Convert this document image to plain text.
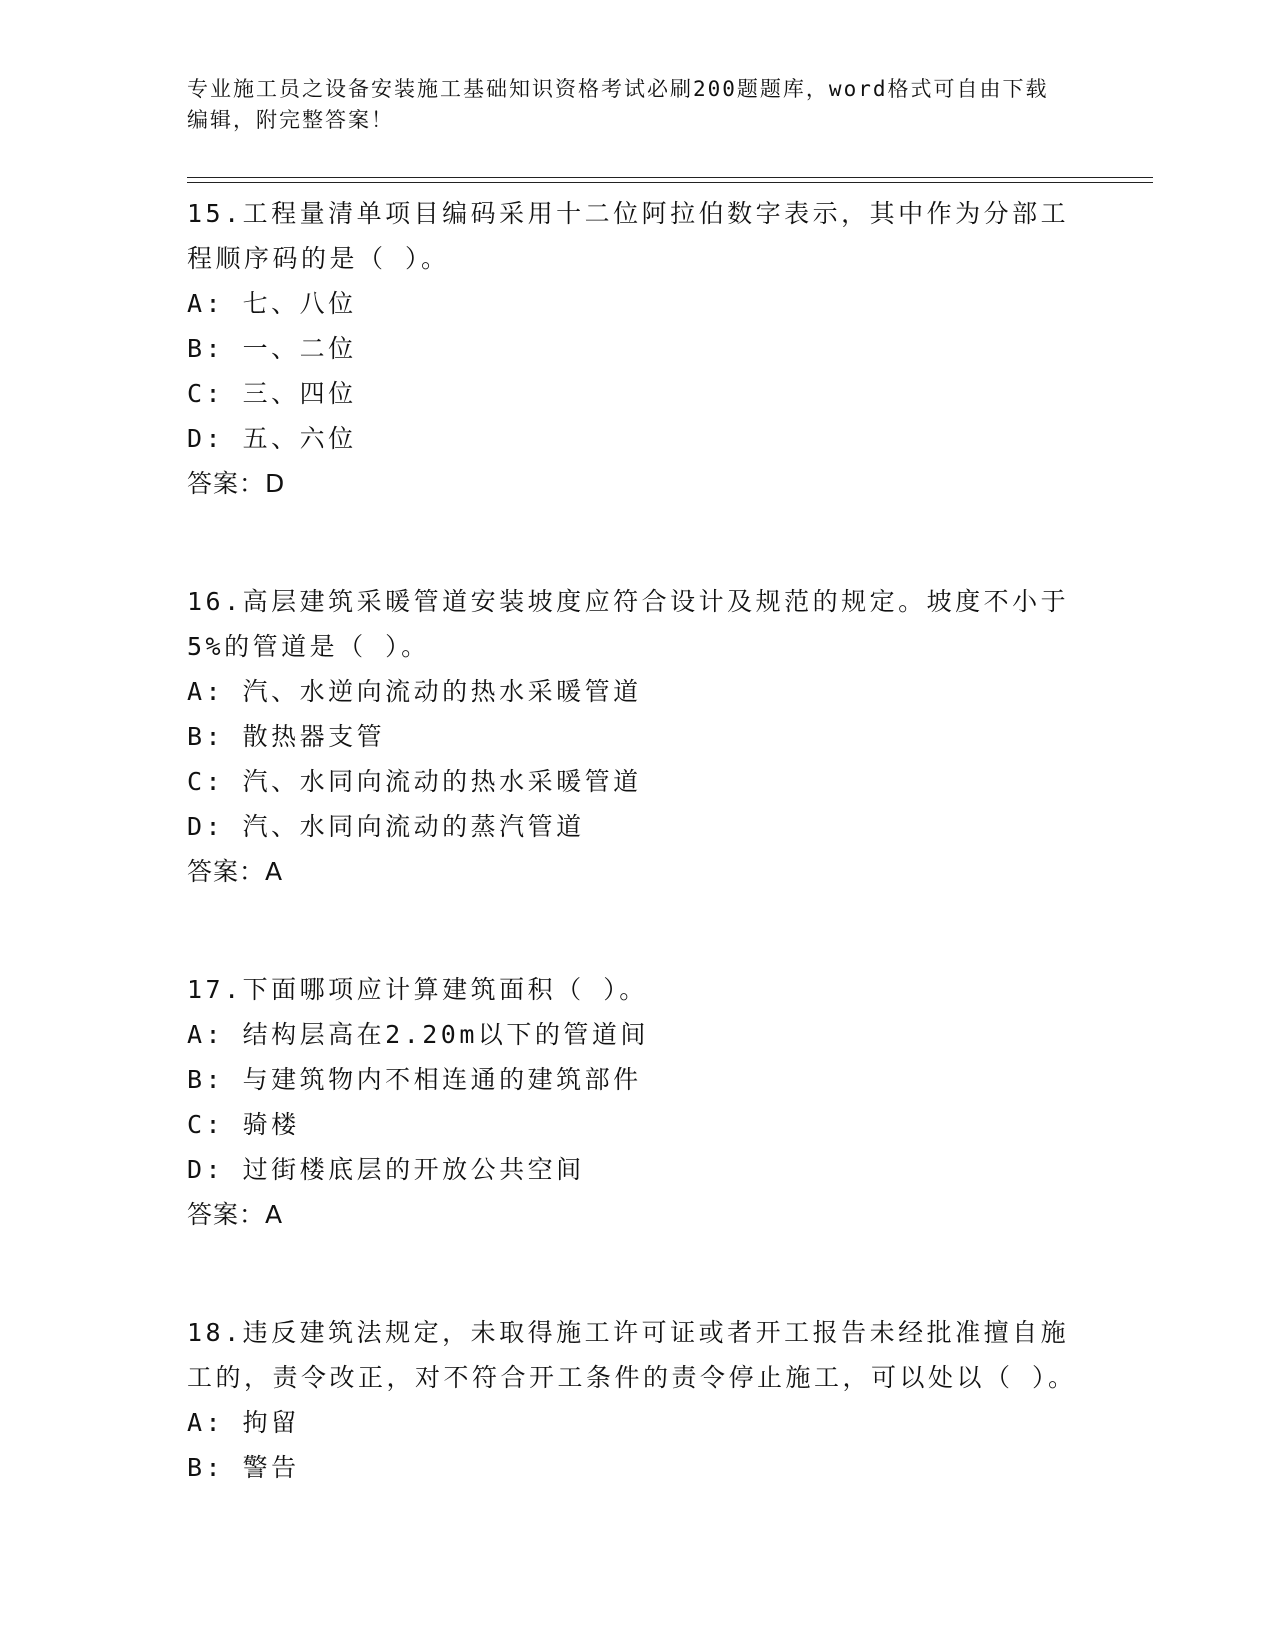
专业施工员之设备安装施工基础知识资格考试必刷200题题库，word格式可自由下载编辑，附完整答案！

15.工程量清单项目编码采用十二位阿拉伯数字表示，其中作为分部工程顺序码的是（ ）。

A: 七、八位

B: 一、二位

C: 三、四位

D: 五、六位

答案：D

16.高层建筑采暖管道安装坡度应符合设计及规范的规定。坡度不小于5%的管道是（ ）。

A: 汽、水逆向流动的热水采暖管道

B: 散热器支管

C: 汽、水同向流动的热水采暖管道

D: 汽、水同向流动的蒸汽管道

答案：A

17.下面哪项应计算建筑面积（ ）。

A: 结构层高在2.20m以下的管道间

B: 与建筑物内不相连通的建筑部件

C: 骑楼

D: 过街楼底层的开放公共空间

答案：A

18.违反建筑法规定，未取得施工许可证或者开工报告未经批准擅自施工的，责令改正，对不符合开工条件的责令停止施工，可以处以（ ）。

A: 拘留

B: 警告
